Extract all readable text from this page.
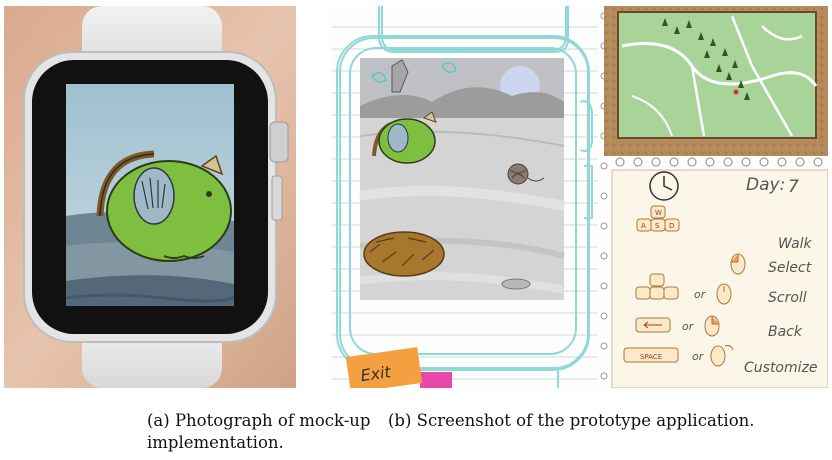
Exit
Day: 7
W
A S D
Walk
Select
or	Scroll
or	Back
SPACE	or
Customize
(a) Photograph of mock-up
implementation.
(b) Screenshot of the prototype application.
